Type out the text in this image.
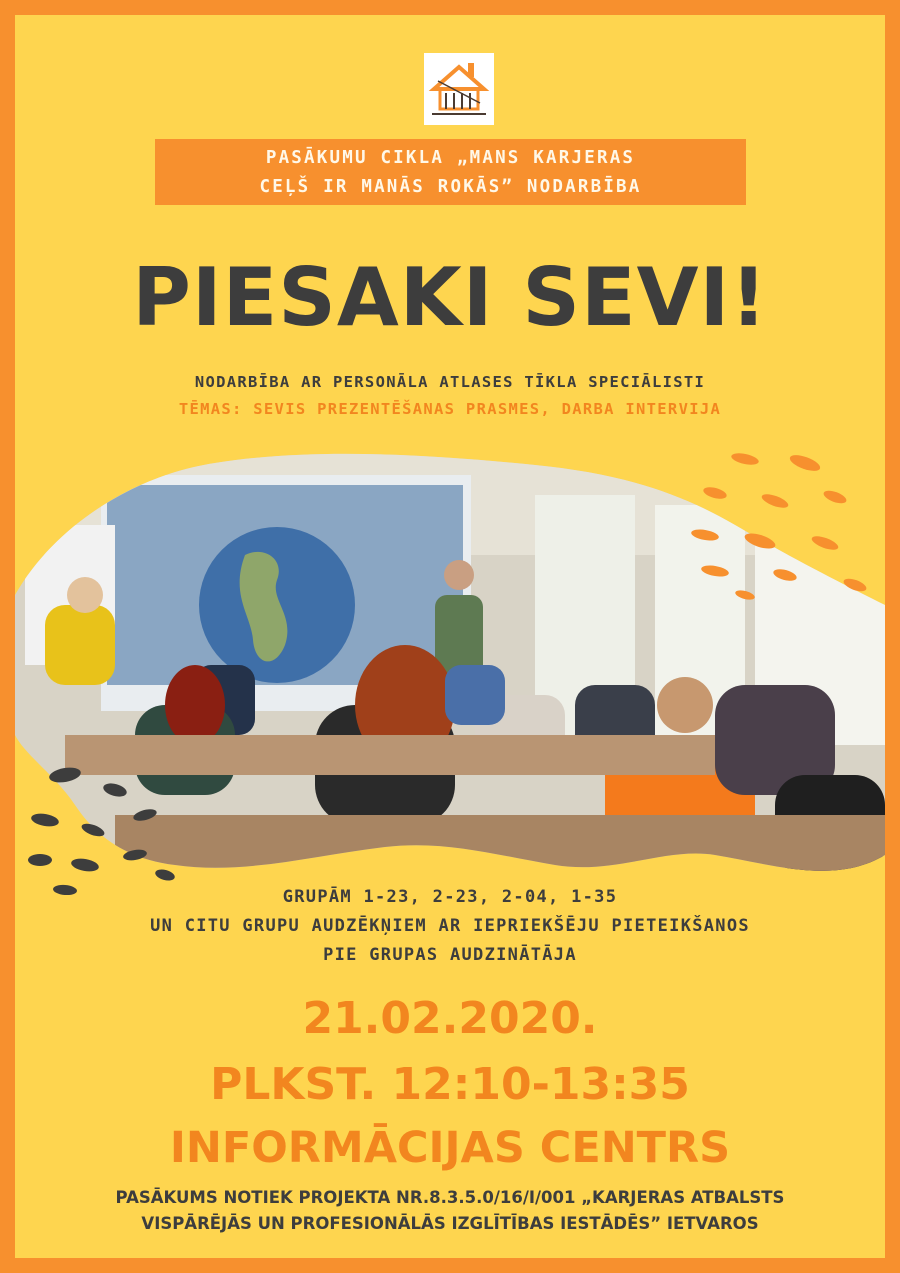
PASĀKUMU CIKLA „MANS KARJERAS
CEĻŠ IR MANĀS ROKĀS” NODARBĪBA
PIESAKI SEVI!
NODARBĪBA AR PERSONĀLA ATLASES TĪKLA SPECIĀLISTI
TĒMAS: SEVIS PREZENTĒŠANAS PRASMES, DARBA INTERVIJA
GRUPĀM 1-23, 2-23, 2-04, 1-35
UN CITU GRUPU AUDZĒKŅIEM AR IEPRIEKŠĒJU PIETEIKŠANOS
PIE GRUPAS AUDZINĀTĀJA
21.02.2020.
PLKST. 12:10-13:35
INFORMĀCIJAS CENTRS
PASĀKUMS NOTIEK PROJEKTA NR.8.3.5.0/16/I/001 „KARJERAS ATBALSTS
VISPĀRĒJĀS UN PROFESIONĀLĀS IZGLĪTĪBAS IESTĀDĒS” IETVAROS
